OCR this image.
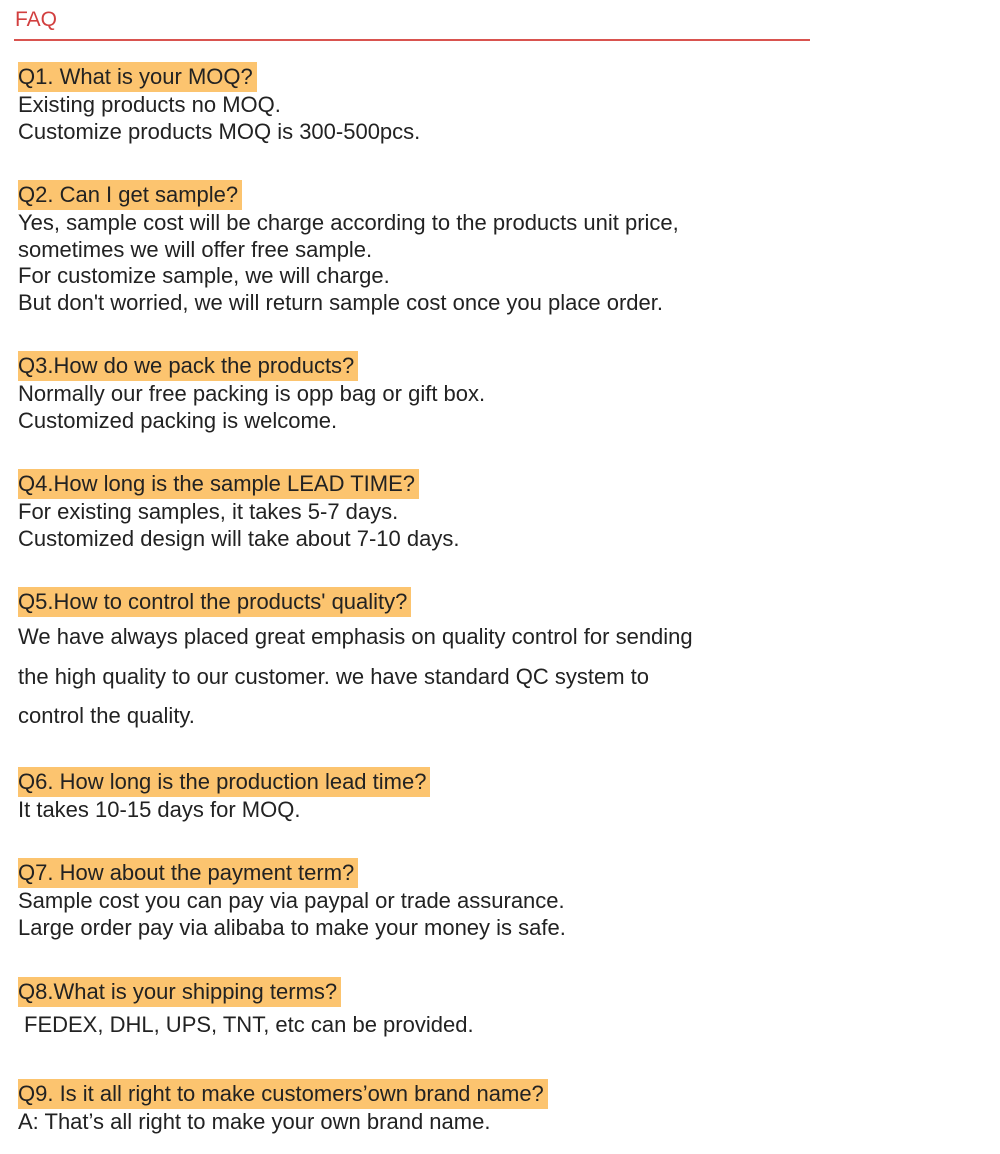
FAQ
Q1. What is your MOQ?

Existing products no MOQ.

Customize products MOQ is 300-500pcs.

Q2. Can I get sample?

Yes, sample cost will be charge according to the products unit price,

sometimes we will offer free sample.

For customize sample, we will charge.

But don't worried, we will return sample cost once you place order.

Q3.How do we pack the products?

Normally our free packing is opp bag or gift box.

Customized packing is welcome.

Q4.How long is the sample LEAD TIME?

For existing samples, it takes 5-7 days.

Customized design will take about 7-10 days.

Q5.How to control the products' quality?

We have always placed great emphasis on quality control for sending

the high quality to our customer. we have standard QC system to

control the quality.

Q6. How long is the production lead time?

It takes 10-15 days for MOQ.

Q7. How about the payment term?

Sample cost you can pay via paypal or trade assurance.

Large order pay via alibaba to make your money is safe.

Q8.What is your shipping terms?

FEDEX, DHL, UPS, TNT, etc can be provided.

Q9. Is it all right to make customers’own brand name?

A: That’s all right to make your own brand name.
